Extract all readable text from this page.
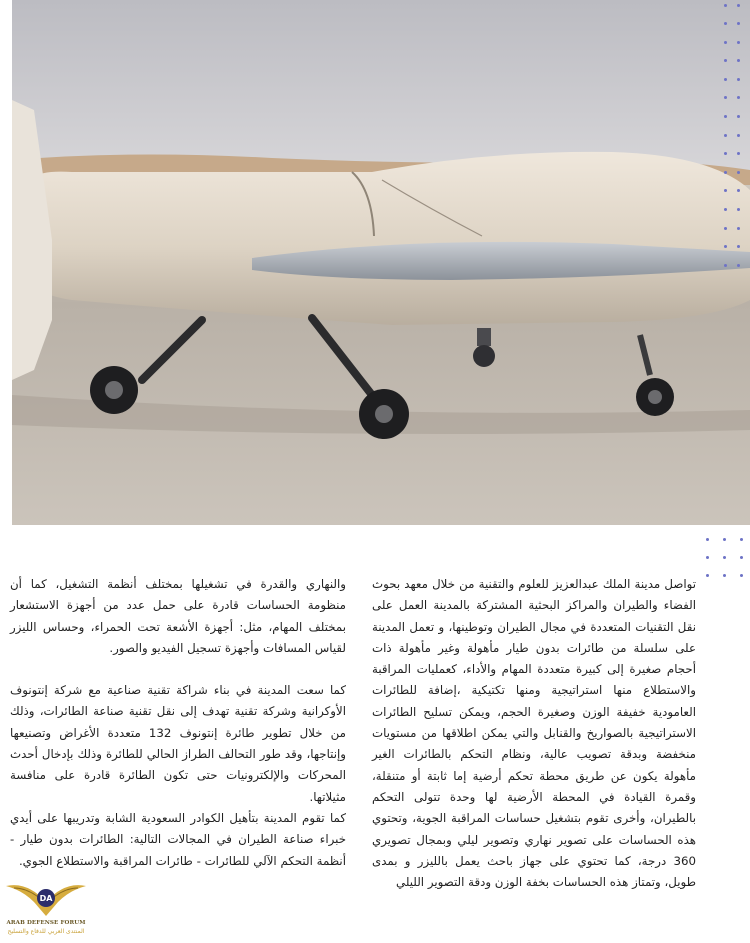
تواصل مدينة الملك عبدالعزيز للعلوم والتقنية من خلال معهد بحوث الفضاء والطيران والمراكز البحثية المشتركة بالمدينة العمل على نقل التقنيات المتعددة في مجال الطيران وتوطينها، و تعمل المدينة على سلسلة من طائرات بدون طيار مأهولة وغير مأهولة ذات أحجام صغيرة إلى كبيرة متعددة المهام والأداء، كعمليات المراقبة والاستطلاع منها استراتيجية ومنها تكتيكية ،إضافة للطائرات العامودية خفيفة الوزن وصغيرة الحجم، ويمكن تسليح الطائرات الاستراتيجية بالصواريخ والقنابل والتي يمكن اطلاقها من مستويات منخفضة وبدقة تصويب عالية، ونظام التحكم بالطائرات الغير مأهولة يكون عن طريق محطة تحكم أرضية إما ثابتة أو متنقلة، وقمرة القيادة في المحطة الأرضية لها وحدة تتولى التحكم بالطيران، وأخرى تقوم بتشغيل حساسات المراقبة الجوية، وتحتوي هذه الحساسات على تصوير نهاري وتصوير ليلي وبمجال تصويري 360 درجة، كما تحتوي على جهاز باحث يعمل بالليزر و بمدى طويل، وتمتاز هذه الحساسات بخفة الوزن ودقة التصوير الليلي

والنهاري والقدرة في تشغيلها بمختلف أنظمة التشغيل، كما أن منظومة الحساسات قادرة على حمل عدد من أجهزة الاستشعار بمختلف المهام، مثل: أجهزة الأشعة تحت الحمراء، وحساس الليزر لقياس المسافات وأجهزة تسجيل الفيديو والصور.

كما سعت المدينة في بناء شراكة تقنية صناعية مع شركة إنتونوف الأوكرانية وشركة تقنية تهدف إلى نقل تقنية صناعة الطائرات، وذلك من خلال تطوير طائرة إنتونوف 132 متعددة الأغراض وتصنيعها وإنتاجها، وقد طور التحالف الطراز الحالي للطائرة وذلك بإدخال أحدث المحركات والإلكترونيات حتى تكون الطائرة قادرة على منافسة مثيلاتها.

كما تقوم المدينة بتأهيل الكوادر السعودية الشابة وتدريبها على أيدي خبراء صناعة الطيران في المجالات التالية: الطائرات بدون طيار - أنظمة التحكم الآلي للطائرات - طائرات المراقبة والاستطلاع الجوي.

DA
ARAB DEFENSE FORUM
المنتدى العربي للدفاع والتسليح
